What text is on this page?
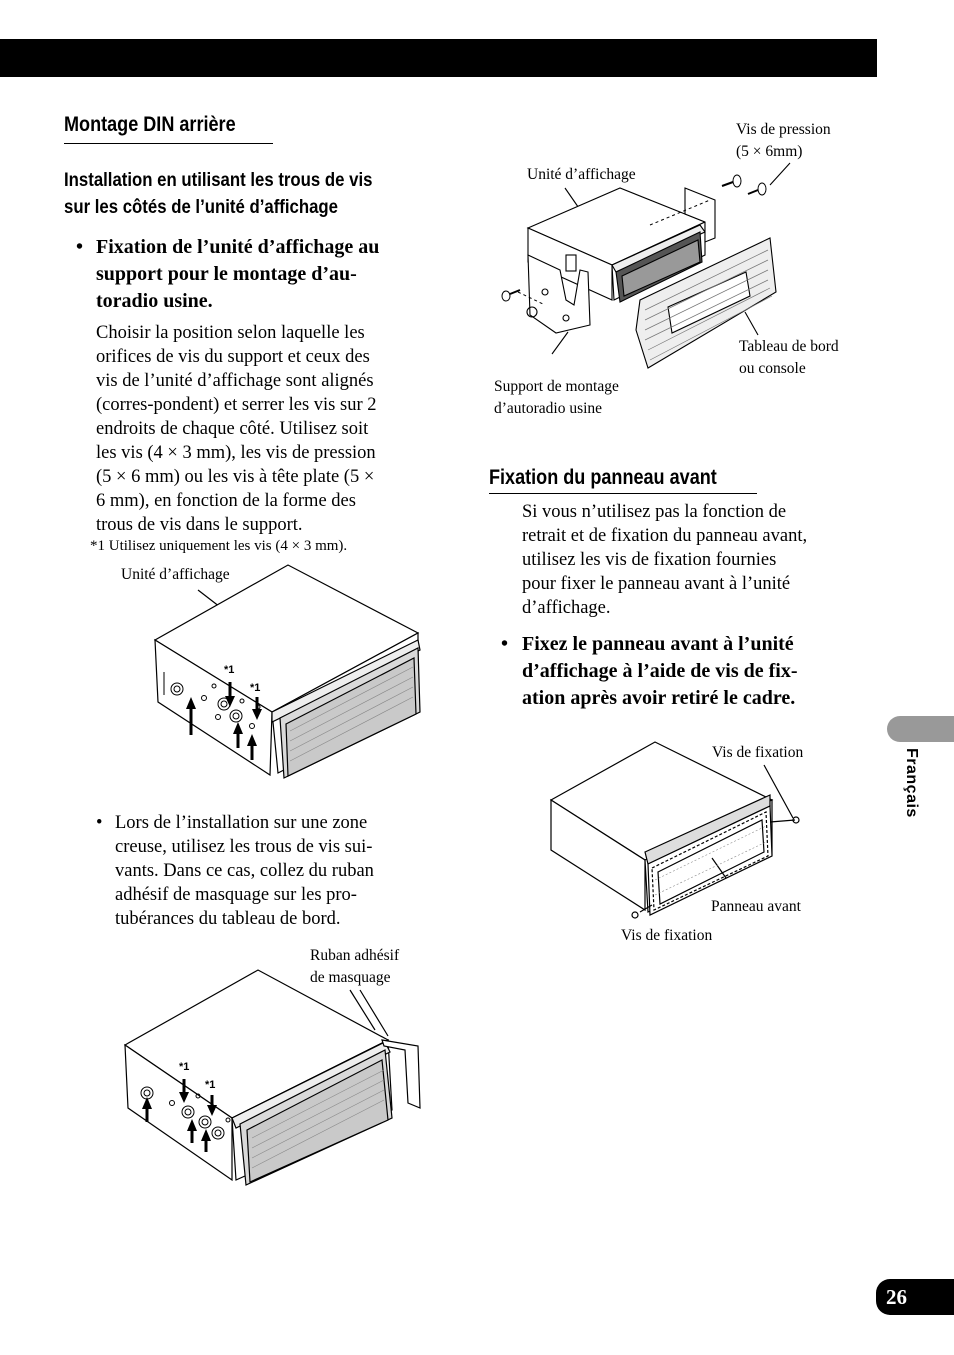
Montage DIN arrière
Installation en utilisant les trous de vis
sur les côtés de l’unité d’affichage
• Fixation de l’unité d’affichage au
support pour le montage d’au-
toradio usine.
Choisir la position selon laquelle les
orifices de vis du support et ceux des
vis de l’unité d’affichage sont alignés
(corres-pondent) et serrer les vis sur 2
endroits de chaque côté. Utilisez soit
les vis (4 × 3 mm), les vis de pression
(5 × 6 mm) ou les vis à tête plate (5 ×
6 mm), en fonction de la forme des
trous de vis dans le support.
*1 Utilisez uniquement les vis (4 × 3 mm).
Unité d’affichage
*1
*1
• Lors de l’installation sur une zone
creuse, utilisez les trous de vis sui-
vants. Dans ce cas, collez du ruban
adhésif de masquage sur les pro-
tubérances du tableau de bord.
Ruban adhésif
de masquage
*1
*1
Vis de pression
(5 × 6mm)
Unité d’affichage
Tableau de bord
ou console
Support de montage
d’autoradio usine
Fixation du panneau avant
Si vous n’utilisez pas la fonction de
retrait et de fixation du panneau avant,
utilisez les vis de fixation fournies
pour fixer le panneau avant à l’unité
d’affichage.
• Fixez le panneau avant à l’unité
d’affichage à l’aide de vis de fix-
ation après avoir retiré le cadre.
Vis de fixation
Panneau avant
Vis de fixation
Français
26
